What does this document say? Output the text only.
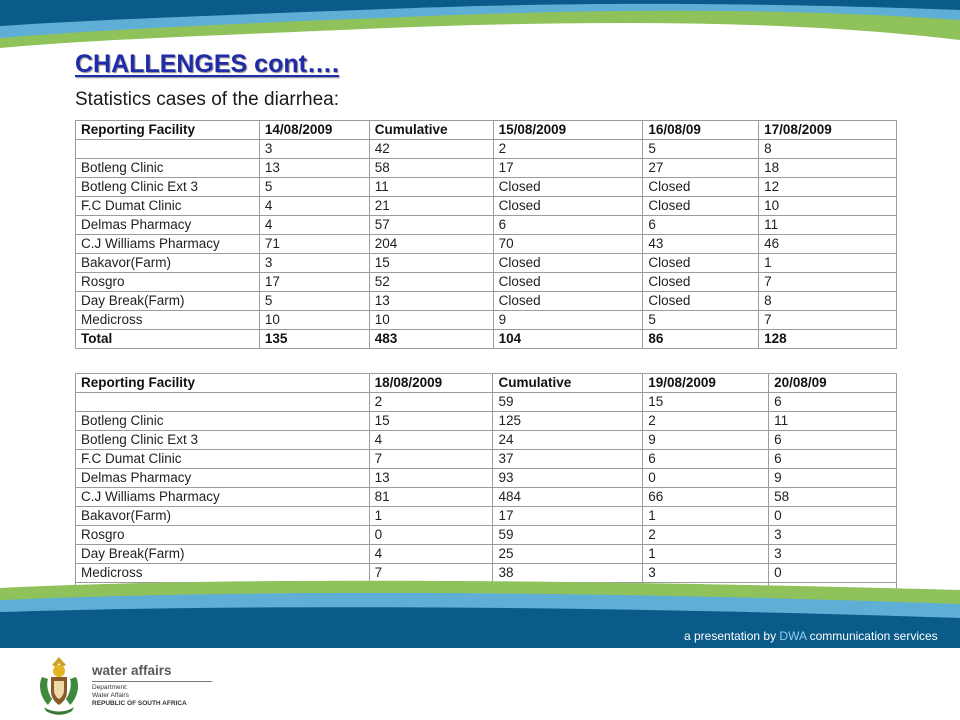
CHALLENGES cont….

Statistics cases of the diarrhea:

Reporting Facility	14/08/2009	Cumulative	15/08/2009	16/08/09	17/08/2009
	3	42	2	5	8
Botleng Clinic	13	58	17	27	18
Botleng Clinic Ext 3	5	11	Closed	Closed	12
F.C Dumat Clinic	4	21	Closed	Closed	10
Delmas Pharmacy	4	57	6	6	11
C.J Williams Pharmacy	71	204	70	43	46
Bakavor(Farm)	3	15	Closed	Closed	1
Rosgro	17	52	Closed	Closed	7
Day Break(Farm)	5	13	Closed	Closed	8
Medicross	10	10	9	5	7
Total	135	483	104	86	128
Reporting Facility	18/08/2009	Cumulative	19/08/2009	20/08/09
	2	59	15	6
Botleng Clinic	15	125	2	11
Botleng Clinic Ext 3	4	24	9	6
F.C Dumat Clinic	7	37	6	6
Delmas Pharmacy	13	93	0	9
C.J Williams Pharmacy	81	484	66	58
Bakavor(Farm)	1	17	1	0
Rosgro	0	59	2	3
Day Break(Farm)	4	25	1	3
Medicross	7	38	3	0

a presentation by DWA communication services
water affairs
Department:
Water Affairs
REPUBLIC OF SOUTH AFRICA
